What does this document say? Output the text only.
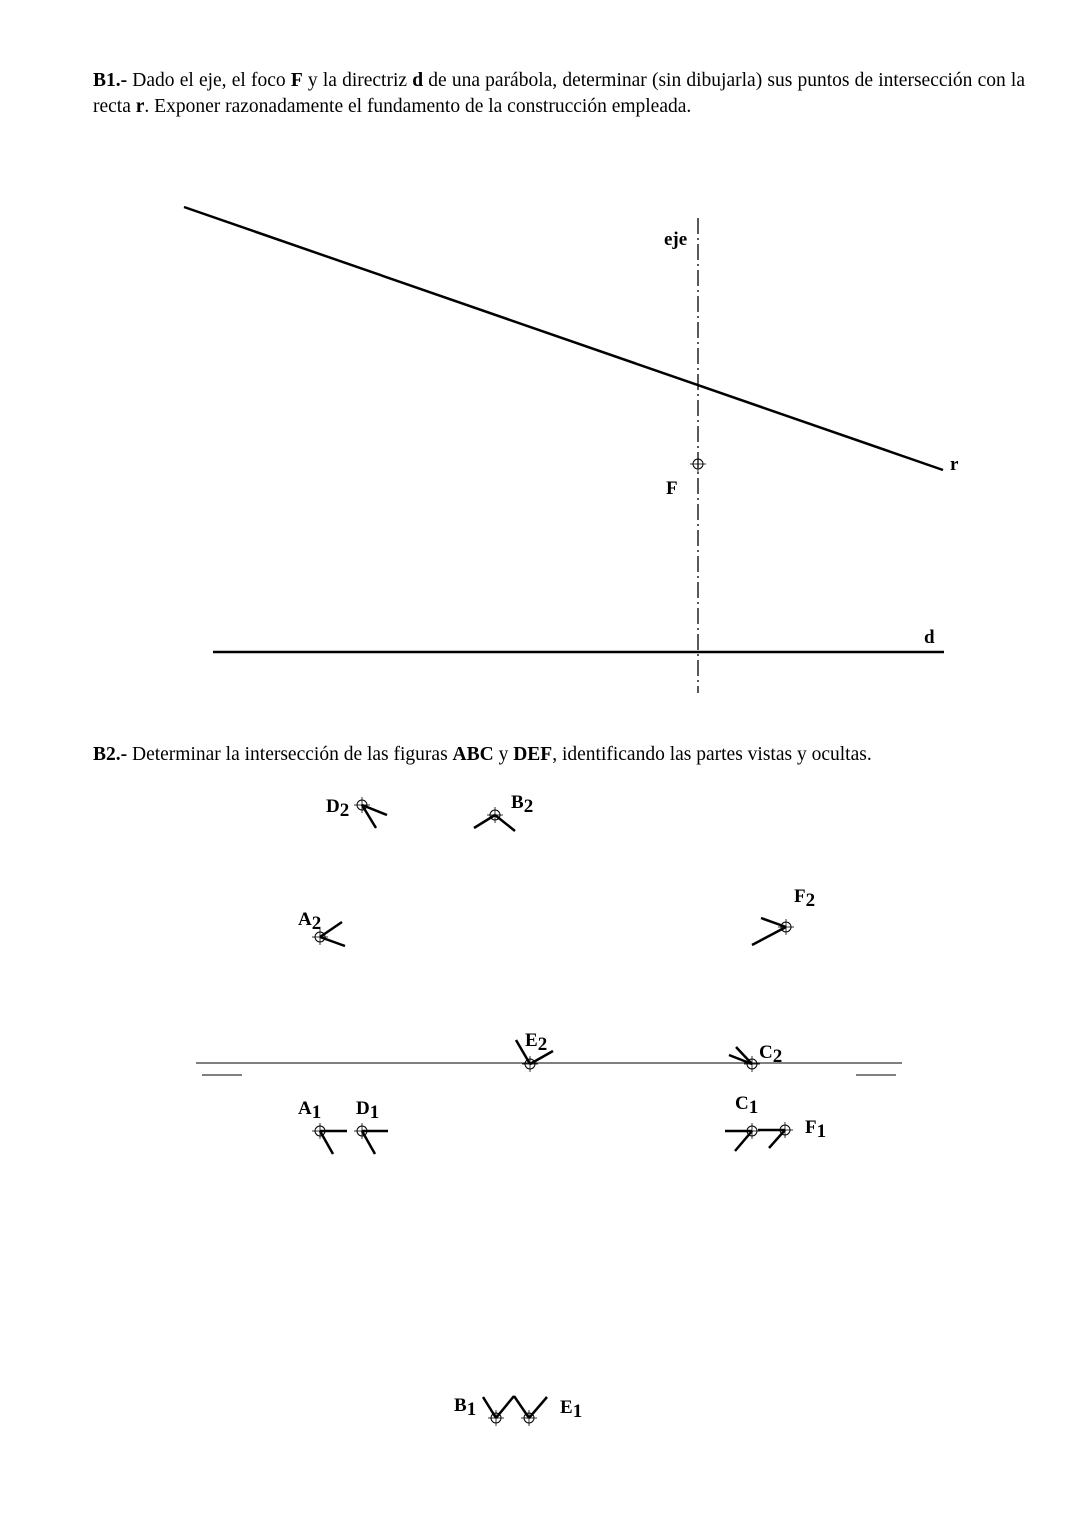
B1.- Dado el eje, el foco F y la directriz d de una parábola, determinar (sin dibujarla) sus puntos de intersección con la recta r. Exponer razonadamente el fundamento de la construcción empleada.

B2.- Determinar la intersección de las figuras ABC y DEF, identificando las partes vistas y ocultas.

eje
F
r
d
D2	B2
A2
F2
E2	C2
A1 D1	C1
F1
B1	E1
